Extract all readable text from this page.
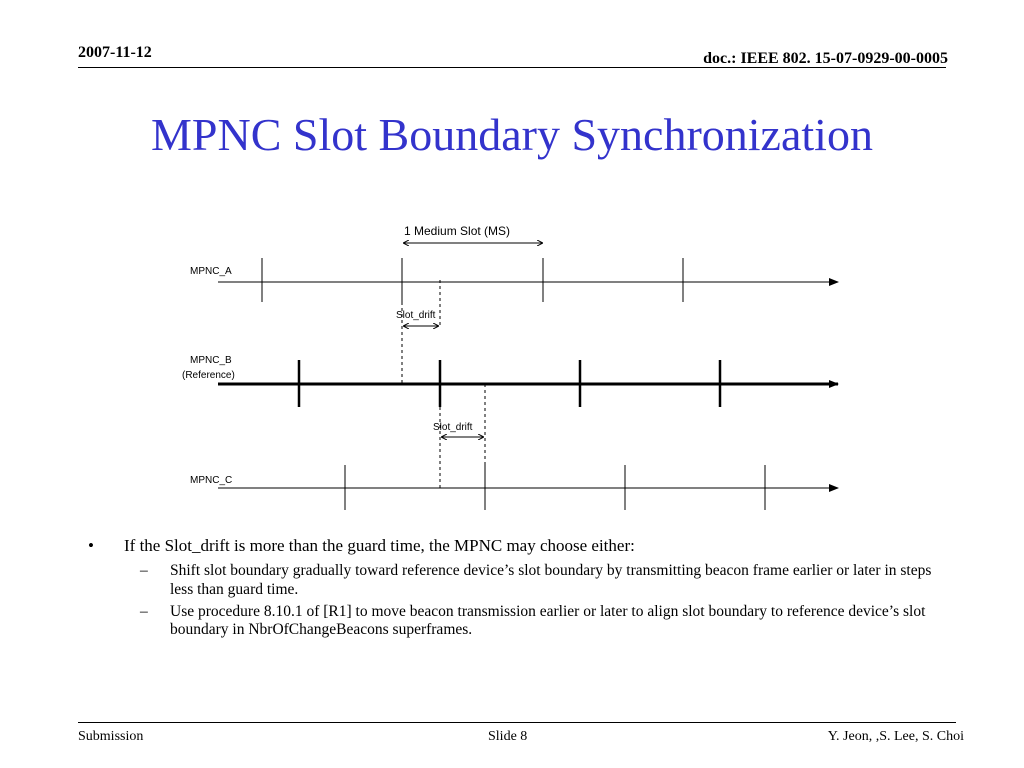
2007-11-12	doc.: IEEE 802. 15-07-0929-00-0005
MPNC Slot Boundary Synchronization
1 Medium Slot (MS)
MPNC_A
Slot_drift
MPNC_B
(Reference)
Slot_drift
MPNC_C
• If the Slot_drift is more than the guard time, the MPNC may choose either:
– Shift slot boundary gradually toward reference device’s slot boundary by transmitting beacon frame earlier or later in steps less than guard time.
– Use procedure 8.10.1 of [R1] to move beacon transmission earlier or later to align slot boundary to reference device’s slot boundary in NbrOfChangeBeacons superframes.
Submission	Slide 8	Y. Jeon, ,S. Lee, S. Choi
